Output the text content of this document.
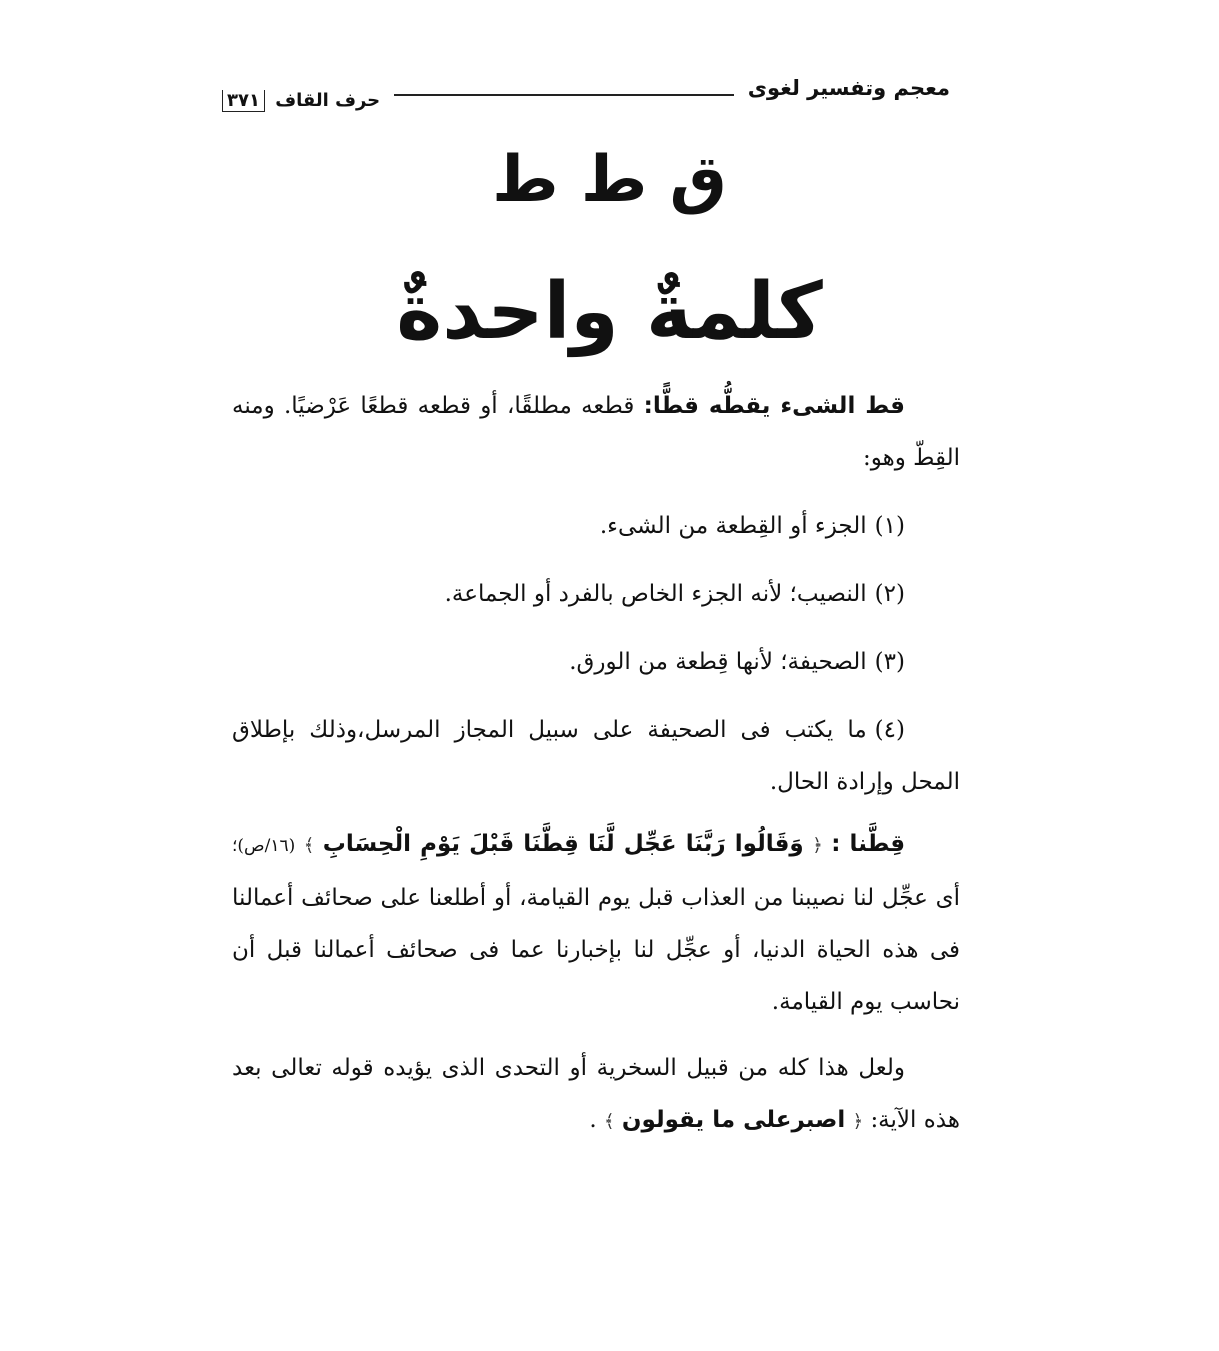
معجم وتفسير لغوى
حرف القاف ٣٧١
ق ط ط
كلمةٌ واحدةٌ

قط الشىء يقطُّه قطًّا: قطعه مطلقًا، أو قطعه قطعًا عَرْضيًا. ومنه القِطّ وهو:

(١)الجزء أو القِطعة من الشىء.

(٢)النصيب؛ لأنه الجزء الخاص بالفرد أو الجماعة.

(٣)الصحيفة؛ لأنها قِطعة من الورق.

(٤)ما يكتب فى الصحيفة على سبيل المجاز المرسل،وذلك بإطلاق المحل وإرادة الحال.

قِطَّنا : ﴿ وَقَالُوا رَبَّنَا عَجِّل لَّنَا قِطَّنَا قَبْلَ يَوْمِ الْحِسَابِ ﴾ (١٦/ص)؛ أى عجِّل لنا نصيبنا من العذاب قبل يوم القيامة، أو أطلعنا على صحائف أعمالنا فى هذه الحياة الدنيا، أو عجِّل لنا بإخبارنا عما فى صحائف أعمالنا قبل أن نحاسب يوم القيامة.

ولعل هذا كله من قبيل السخرية أو التحدى الذى يؤيده قوله تعالى بعد هذه الآية: ﴿ اصبرعلى ما يقولون ﴾ .
